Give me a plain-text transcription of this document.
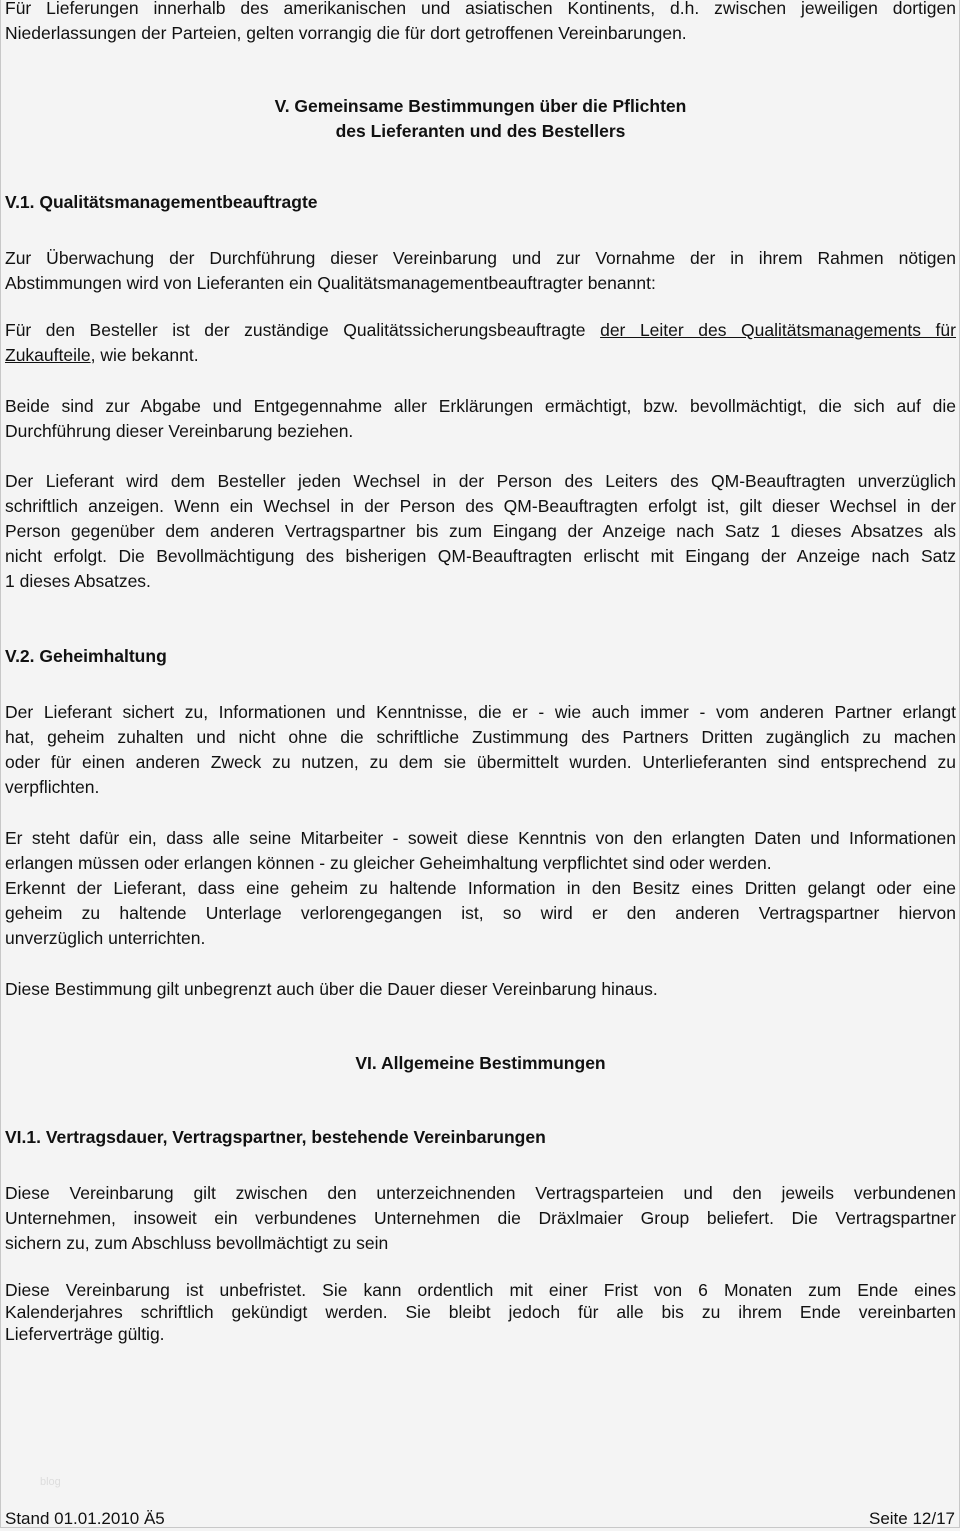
Für Lieferungen innerhalb des amerikanischen und asiatischen Kontinents, d.h. zwischen jeweiligen dortigen
Niederlassungen der Parteien, gelten vorrangig die für dort getroffenen Vereinbarungen.
V. Gemeinsame Bestimmungen über die Pflichten
des Lieferanten und des Bestellers
V.1. Qualitätsmanagementbeauftragte
Zur Überwachung der Durchführung dieser Vereinbarung und zur Vornahme der in ihrem Rahmen nötigen
Abstimmungen wird von Lieferanten ein Qualitätsmanagementbeauftragter benannt:
Für den Besteller ist der zuständige Qualitätssicherungsbeauftragte der Leiter des Qualitätsmanagements für
Zukaufteile, wie bekannt.
Beide sind zur Abgabe und Entgegennahme aller Erklärungen ermächtigt, bzw. bevollmächtigt, die sich auf die
Durchführung dieser Vereinbarung beziehen.
Der Lieferant wird dem Besteller jeden Wechsel in der Person des Leiters des QM-Beauftragten unverzüglich
schriftlich anzeigen. Wenn ein Wechsel in der Person des QM-Beauftragten erfolgt ist, gilt dieser Wechsel in der
Person gegenüber dem anderen Vertragspartner bis zum Eingang der Anzeige nach Satz 1 dieses Absatzes als
nicht erfolgt. Die Bevollmächtigung des bisherigen QM-Beauftragten erlischt mit Eingang der Anzeige nach Satz
1 dieses Absatzes.
V.2. Geheimhaltung
Der Lieferant sichert zu, Informationen und Kenntnisse, die er - wie auch immer - vom anderen Partner erlangt
hat, geheim zuhalten und nicht ohne die schriftliche Zustimmung des Partners Dritten zugänglich zu machen
oder für einen anderen Zweck zu nutzen, zu dem sie übermittelt wurden. Unterlieferanten sind entsprechend zu
verpflichten.
Er steht dafür ein, dass alle seine Mitarbeiter - soweit diese Kenntnis von den erlangten Daten und Informationen
erlangen müssen oder erlangen können - zu gleicher Geheimhaltung verpflichtet sind oder werden.
Erkennt der Lieferant, dass eine geheim zu haltende Information in den Besitz eines Dritten gelangt oder eine
geheim zu haltende Unterlage verlorengegangen ist, so wird er den anderen Vertragspartner hiervon
unverzüglich unterrichten.
Diese Bestimmung gilt unbegrenzt auch über die Dauer dieser Vereinbarung hinaus.
VI. Allgemeine Bestimmungen
VI.1. Vertragsdauer, Vertragspartner, bestehende Vereinbarungen
Diese Vereinbarung gilt zwischen den unterzeichnenden Vertragsparteien und den jeweils verbundenen
Unternehmen, insoweit ein verbundenes Unternehmen die Dräxlmaier Group beliefert. Die Vertragspartner
sichern zu, zum Abschluss bevollmächtigt zu sein
Diese Vereinbarung ist unbefristet. Sie kann ordentlich mit einer Frist von 6 Monaten zum Ende eines
Kalenderjahres schriftlich gekündigt werden. Sie bleibt jedoch für alle bis zu ihrem Ende vereinbarten
Lieferverträge gültig.
blog
Stand 01.01.2010 Ä5	Seite 12/17
